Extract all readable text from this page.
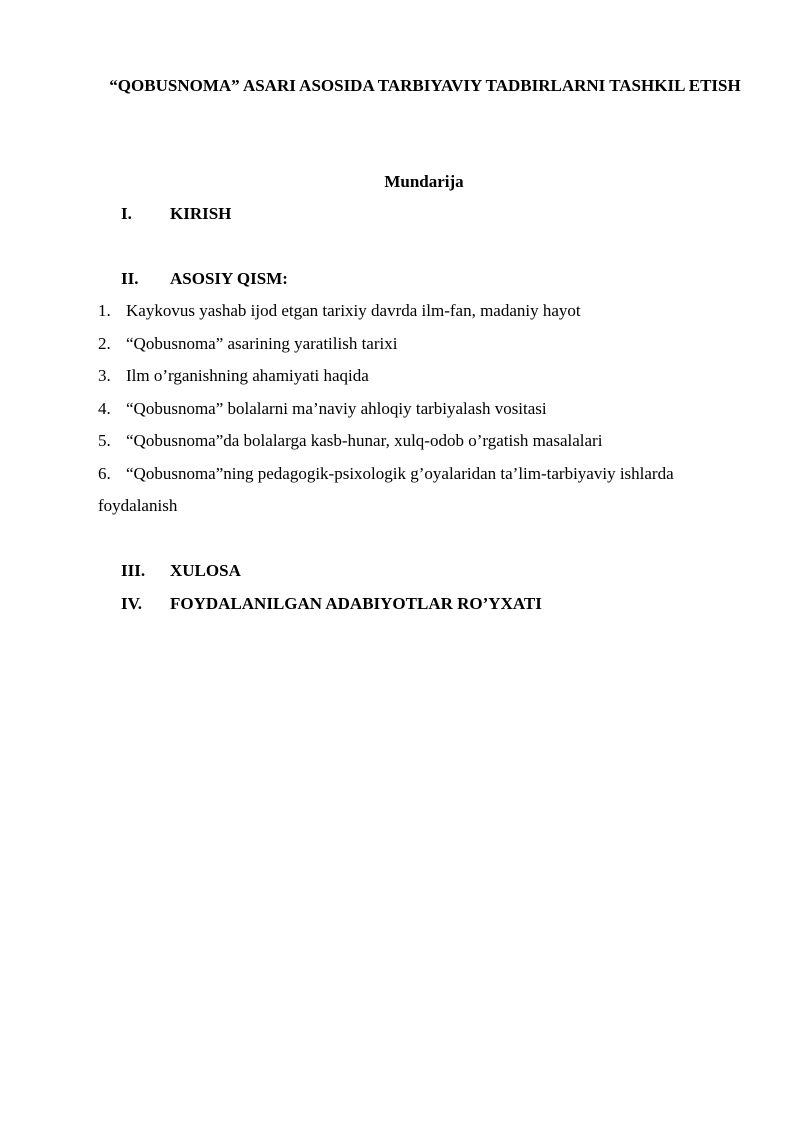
“QOBUSNOMA” ASARI ASOSIDA TARBIYAVIY TADBIRLARNI TASHKIL ETISH
Mundarija
I. KIRISH
II. ASOSIY QISM:
1. Kaykovus yashab ijod etgan tarixiy davrda ilm-fan, madaniy hayot
2. “Qobusnoma” asarining yaratilish tarixi
3. Ilm o’rganishning ahamiyati haqida
4. “Qobusnoma” bolalarni ma’naviy ahloqiy tarbiyalash vositasi
5. “Qobusnoma”da bolalarga kasb-hunar, xulq-odob o’rgatish masalalari
6. “Qobusnoma”ning pedagogik-psixologik g’oyalaridan ta’lim-tarbiyaviy ishlarda foydalanish
III. XULOSA
IV. FOYDALANILGAN ADABIYOTLAR RO’YXATI
